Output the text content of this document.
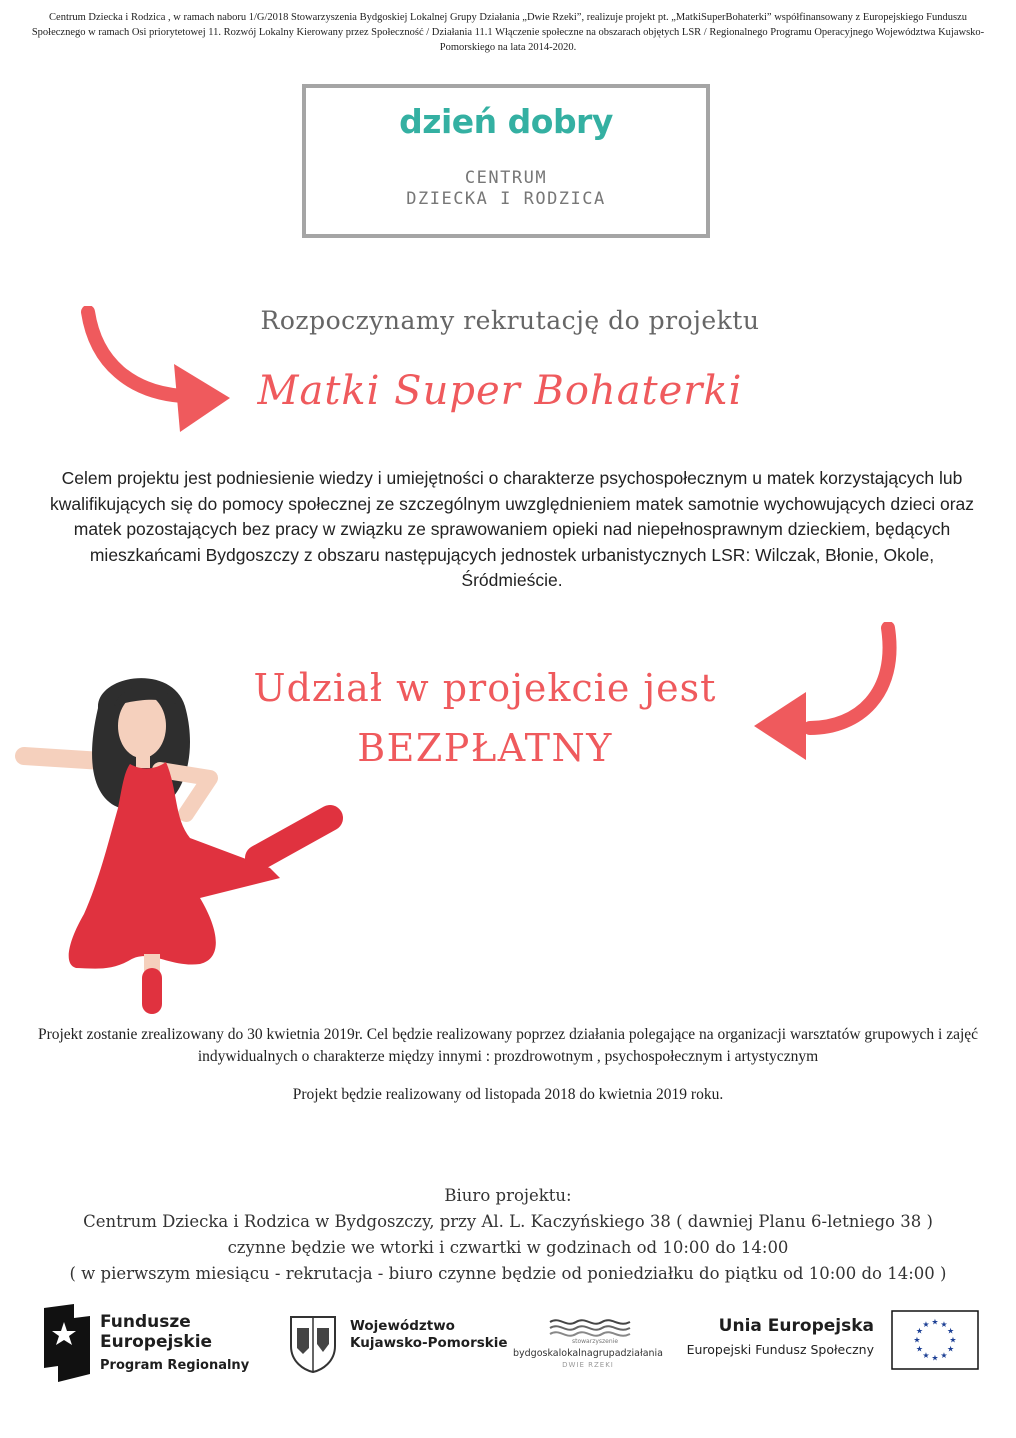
Centrum Dziecka i Rodzica , w ramach naboru 1/G/2018 Stowarzyszenia Bydgoskiej Lokalnej Grupy Działania „Dwie Rzeki”, realizuje projekt pt. „MatkiSuperBohaterki” współfinansowany z Europejskiego Funduszu Społecznego w ramach Osi priorytetowej 11. Rozwój Lokalny Kierowany przez Społeczność / Działania 11.1 Włączenie społeczne na obszarach objętych LSR / Regionalnego Programu Operacyjnego Województwa Kujawsko-Pomorskiego na lata 2014-2020.
dzień dobry
CENTRUM
DZIECKA I RODZICA
Rozpoczynamy rekrutację do projektu
Matki Super Bohaterki
Celem projektu jest podniesienie wiedzy i umiejętności o charakterze psychospołecznym u matek korzystających lub kwalifikujących się do pomocy społecznej ze szczególnym uwzględnieniem matek samotnie wychowujących dzieci oraz matek pozostających bez pracy w związku ze sprawowaniem opieki nad niepełnosprawnym dzieckiem, będących mieszkańcami Bydgoszczy z obszaru następujących jednostek urbanistycznych LSR: Wilczak, Błonie, Okole, Śródmieście.
Udział w projekcie jest
BEZPŁATNY
Projekt zostanie zrealizowany do 30 kwietnia 2019r. Cel będzie realizowany poprzez działania polegające na organizacji warsztatów grupowych i zajęć indywidualnych o charakterze między innymi : prozdrowotnym , psychospołecznym i artystycznym
Projekt będzie realizowany od listopada 2018 do kwietnia 2019 roku.
Biuro projektu:
Centrum Dziecka i Rodzica w Bydgoszczy, przy Al. L. Kaczyńskiego 38 ( dawniej Planu 6-letniego 38 )
czynne będzie we wtorki i czwartki w godzinach od 10:00 do 14:00
( w pierwszym miesiącu - rekrutacja - biuro czynne będzie od poniedziałku do piątku od 10:00 do 14:00 )
Fundusze
Europejskie
Program Regionalny
Województwo
Kujawsko-Pomorskie	stowarzyszenie
bydgoskalokalnagrupadziałania
DWIE RZEKI
Unia Europejska
Europejski Fundusz Społeczny
★
★
★
★
★
★
★
★
★ ★ ★
★
